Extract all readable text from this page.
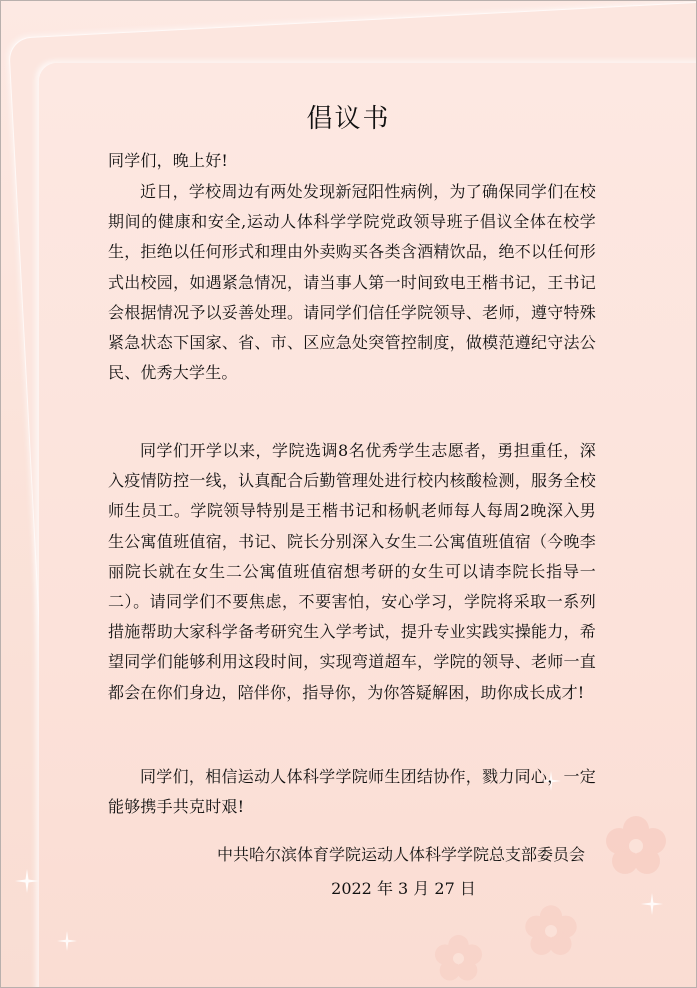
倡议书
同学们，晚上好!
近日，学校周边有两处发现新冠阳性病例，为了确保同学们在校期间的健康和安全,运动人体科学学院党政领导班子倡议全体在校学生，拒绝以任何形式和理由外卖购买各类含酒精饮品，绝不以任何形式出校园，如遇紧急情况，请当事人第一时间致电王楷书记，王书记会根据情况予以妥善处理。请同学们信任学院领导、老师，遵守特殊紧急状态下国家、省、市、区应急处突管控制度，做模范遵纪守法公民、优秀大学生。
同学们开学以来，学院选调8名优秀学生志愿者，勇担重任，深入疫情防控一线，认真配合后勤管理处进行校内核酸检测，服务全校师生员工。学院领导特别是王楷书记和杨帆老师每人每周2晚深入男生公寓值班值宿，书记、院长分别深入女生二公寓值班值宿（今晚李丽院长就在女生二公寓值班值宿想考研的女生可以请李院长指导一二）。请同学们不要焦虑，不要害怕，安心学习，学院将采取一系列措施帮助大家科学备考研究生入学考试，提升专业实践实操能力，希望同学们能够利用这段时间，实现弯道超车，学院的领导、老师一直都会在你们身边，陪伴你，指导你，为你答疑解困，助你成长成才!
同学们，相信运动人体科学学院师生团结协作，戮力同心，一定能够携手共克时艰!
中共哈尔滨体育学院运动人体科学学院总支部委员会
2022 年 3 月 27 日
